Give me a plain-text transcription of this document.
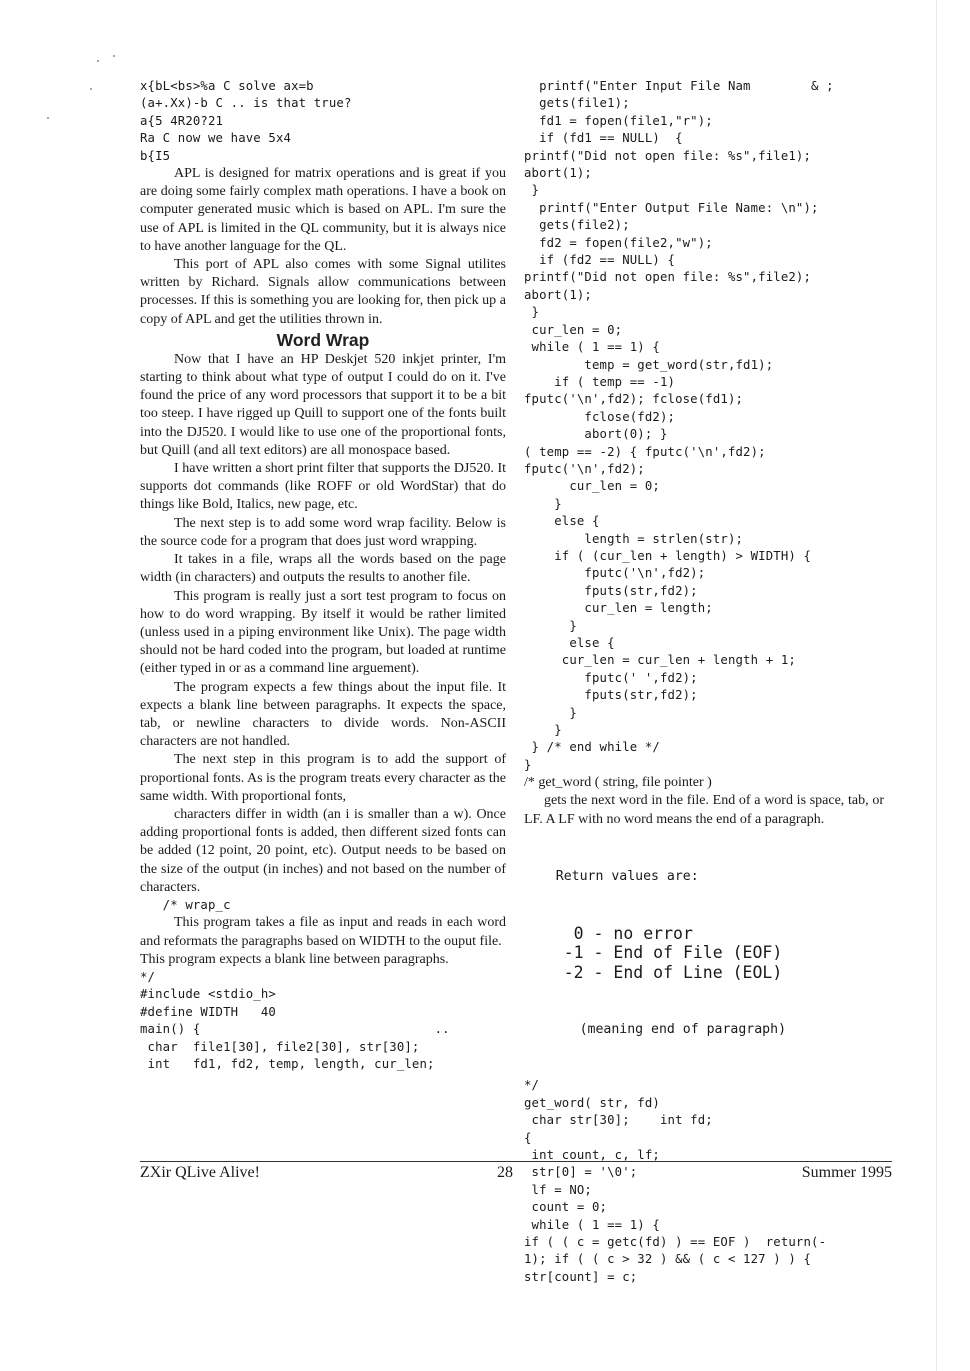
x{bL<bs>%a C solve ax=b
(a+.Xx)-b C .. is that true?
a{5 4R20?21
Ra C now we have 5x4
b{I5

APL is designed for matrix operations and is great if you are doing some fairly complex math operations. I have a book on computer generated music which is based on APL. I'm sure the use of APL is limited in the QL community, but it is always nice to have another language for the QL.

This port of APL also comes with some Signal utilites written by Richard. Signals allow communications between processes. If this is something you are looking for, then pick up a copy of APL and get the utilities thrown in.

Word Wrap

Now that I have an HP Deskjet 520 inkjet printer, I'm starting to think about what type of output I could do on it. I've found the price of any word processors that support it to be a bit too steep. I have rigged up Quill to support one of the fonts built into the DJ520. I would like to use one of the proportional fonts, but Quill (and all text editors) are all monospace based.

I have written a short print filter that supports the DJ520. It supports dot commands (like ROFF or old WordStar) that do things like Bold, Italics, new page, etc.

The next step is to add some word wrap facility. Below is the source code for a program that does just word wrapping.

It takes in a file, wraps all the words based on the page width (in characters) and outputs the results to another file.

This program is really just a sort test program to focus on how to do word wrapping. By itself it would be rather limited (unless used in a piping environment like Unix). The page width should not be hard coded into the program, but loaded at runtime (either typed in or as a command line arguement).

The program expects a few things about the input file. It expects a blank line between paragraphs. It expects the space, tab, or newline characters to divide words. Non-ASCII characters are not handled.

The next step in this program is to add the support of proportional fonts. As is the program treats every character as the same width. With proportional fonts,

characters differ in width (an i is smaller than a w). Once adding proportional fonts is added, then different sized fonts can be added (12 point, 20 point, etc). Output needs to be based on the size of the output (in inches) and not based on the number of characters.

/* wrap_c

This program takes a file as input and reads in each word and reformats the paragraphs based on WIDTH to the ouput file.

This program expects a blank line between paragraphs.

*/
#include <stdio_h>
#define WIDTH   40
main() {                               ..
char  file1[30], file2[30], str[30];
int   fd1, fd2, temp, length, cur_len;
printf("Enter Input File Nam        & ;
gets(file1);
fd1 = fopen(file1,"r");
if (fd1 == NULL)  {
printf("Did not open file: %s",file1);
abort(1);
}
printf("Enter Output File Name: \n");
gets(file2);
fd2 = fopen(file2,"w");
if (fd2 == NULL) {
printf("Did not open file: %s",file2);
abort(1);
}
cur_len = 0;
while ( 1 == 1) {
temp = get_word(str,fd1);
if ( temp == -1)
fputc('\n',fd2); fclose(fd1);
fclose(fd2);
abort(0); }
( temp == -2) { fputc('\n',fd2);
fputc('\n',fd2);
cur_len = 0;
}
else {
length = strlen(str);
if ( (cur_len + length) > WIDTH) {
fputc('\n',fd2);
fputs(str,fd2);
cur_len = length;
}
else {
cur_len = cur_len + length + 1;
fputc(' ',fd2);
fputs(str,fd2);
}
}
} /* end while */
}

/* get_word ( string, file pointer )

gets the next word in the file. End of a word is space, tab, or LF. A LF with no word means the end of a paragraph.

Return values are:

0 - no error
-1 - End of File (EOF)
-2 - End of Line (EOL)

(meaning end of paragraph)

*/
get_word( str, fd)
char str[30];    int fd;
{
int count, c, lf;
str[0] = '\0';
lf = NO;
count = 0;
while ( 1 == 1) {
if ( ( c = getc(fd) ) == EOF )  return(-
1); if ( ( c > 32 ) && ( c < 127 ) ) {
str[count] = c;
ZXir QLive Alive!	28	Summer 1995
